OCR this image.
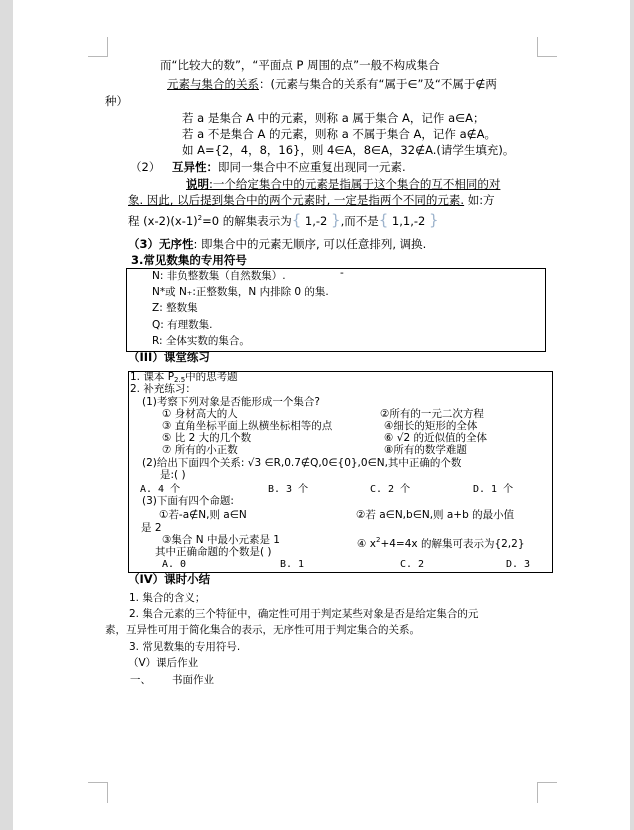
而“比较大的数”，“平面点 P 周围的点”一般不构成集合
元素与集合的关系：(元素与集合的关系有“属于∈”及“不属于∉两
种）
若 a 是集合 A 中的元素，则称 a 属于集合 A，记作 a∈A；
若 a 不是集合 A 的元素，则称 a 不属于集合 A，记作 a∉A。
如 A={2，4，8，16}，则 4∈A，8∈A，32∉A.(请学生填充)。
（2） 互异性：即同一集合中不应重复出现同一元素.
说明:一个给定集合中的元素是指属于这个集合的互不相同的对
象. 因此, 以后提到集合中的两个元素时, 一定是指两个不同的元素. 如:方
程 $(x-2)(x-1)^2=0$ 的解集表示为{ 1,-2 },而不是{ 1,1,-2 }
（3）无序性: 即集合中的元素无顺序, 可以任意排列, 调换.
3.常见数集的专用符号
N: 非负整数集（自然数集）.	-
N*或 N₊:正整数集，N 内排除 0 的集.
Z: 整数集
Q: 有理数集.
R: 全体实数的集合。
（III）课堂练习
1. 课本 $P_{2.5}$中的思考题
2. 补充练习：
(1)考察下列对象是否能形成一个集合?
① 身材高大的人	②所有的一元二次方程
③ 直角坐标平面上纵横坐标相等的点	④细长的矩形的全体
⑤ 比 2 大的几个数	⑥ √2 的近似值的全体
⑦ 所有的小正数	⑧所有的数学难题
(2)给出下面四个关系: √3 ∈R,0.7∉Q,0∈{0},0∈N,其中正确的个数
是:( )
A. 4 个	B. 3 个	C. 2 个	D. 1 个
(3)下面有四个命题:
①若-a∉N,则 a∈N	②若 a∈N,b∈N,则 a+b 的最小值
是 2
③集合 N 中最小元素是 1	④ $x^2+4=4x$ 的解集可表示为{2,2}
其中正确命题的个数是( )
A. 0	B. 1	C. 2	D. 3
（IV）课时小结
1. 集合的含义；
2. 集合元素的三个特征中，确定性可用于判定某些对象是否是给定集合的元
素，互异性可用于简化集合的表示，无序性可用于判定集合的关系。
3. 常见数集的专用符号.
（V）课后作业
一、 书面作业
